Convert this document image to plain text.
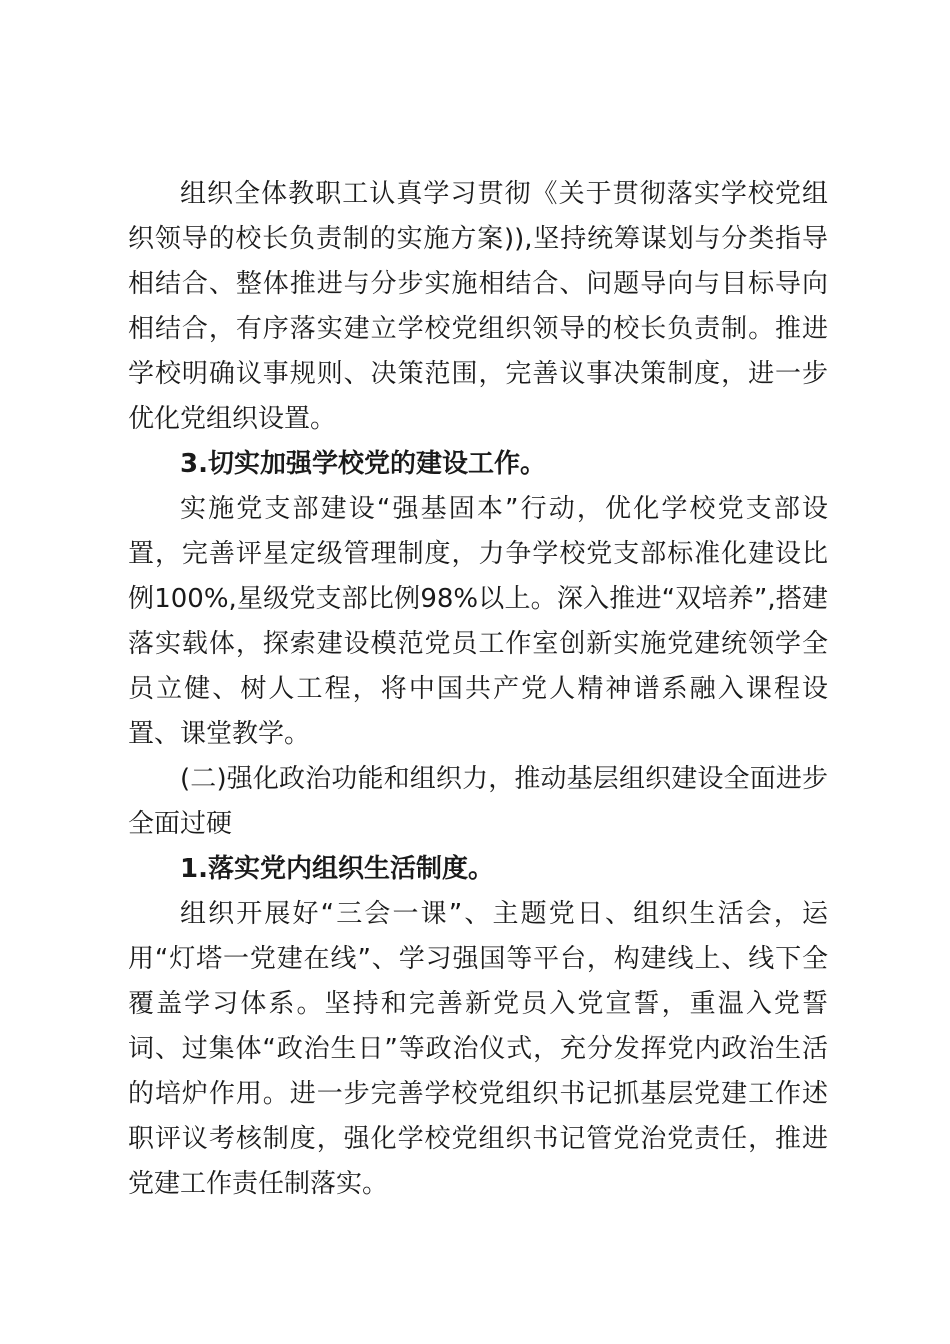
组织全体教职工认真学习贯彻《关于贯彻落实学校党组织领导的校长负责制的实施方案)),坚持统筹谋划与分类指导相结合、整体推进与分步实施相结合、问题导向与目标导向相结合，有序落实建立学校党组织领导的校长负责制。推进学校明确议事规则、决策范围，完善议事决策制度，进一步优化党组织设置。

3.切实加强学校党的建设工作。

实施党支部建设“强基固本”行动，优化学校党支部设置，完善评星定级管理制度，力争学校党支部标准化建设比例100%,星级党支部比例98%以上。深入推进“双培养”,搭建落实载体，探索建设模范党员工作室创新实施党建统领学全员立健、树人工程，将中国共产党人精神谱系融入课程设置、课堂教学。

(二)强化政治功能和组织力，推动基层组织建设全面进步全面过硬

1.落实党内组织生活制度。

组织开展好“三会一课”、主题党日、组织生活会，运用“灯塔一党建在线”、学习强国等平台，构建线上、线下全覆盖学习体系。坚持和完善新党员入党宣誓，重温入党誓词、过集体“政治生日”等政治仪式，充分发挥党内政治生活的培炉作用。进一步完善学校党组织书记抓基层党建工作述职评议考核制度，强化学校党组织书记管党治党责任，推进党建工作责任制落实。
